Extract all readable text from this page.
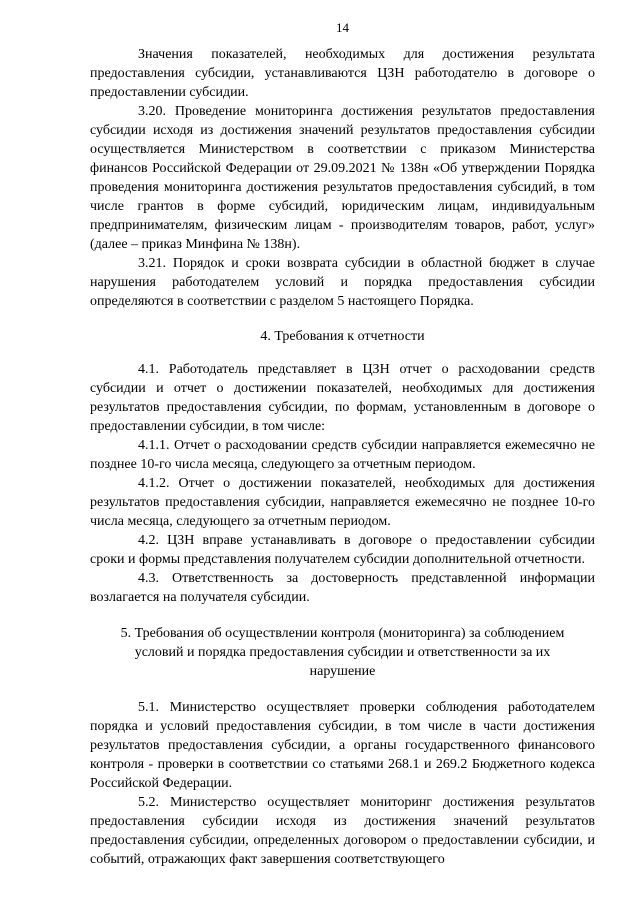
14

Значения показателей, необходимых для достижения результата предоставления субсидии, устанавливаются ЦЗН работодателю в договоре о предоставлении субсидии.

3.20. Проведение мониторинга достижения результатов предоставления субсидии исходя из достижения значений результатов предоставления субсидии осуществляется Министерством в соответствии с приказом Министерства финансов Российской Федерации от 29.09.2021 № 138н «Об утверждении Порядка проведения мониторинга достижения результатов предоставления субсидий, в том числе грантов в форме субсидий, юридическим лицам, индивидуальным предпринимателям, физическим лицам - производителям товаров, работ, услуг» (далее – приказ Минфина № 138н).

3.21. Порядок и сроки возврата субсидии в областной бюджет в случае нарушения работодателем условий и порядка предоставления субсидии определяются в соответствии с разделом 5 настоящего Порядка.

4. Требования к отчетности

4.1. Работодатель представляет в ЦЗН отчет о расходовании средств субсидии и отчет о достижении показателей, необходимых для достижения результатов предоставления субсидии, по формам, установленным в договоре о предоставлении субсидии, в том числе:

4.1.1. Отчет о расходовании средств субсидии направляется ежемесячно не позднее 10-го числа месяца, следующего за отчетным периодом.

4.1.2. Отчет о достижении показателей, необходимых для достижения результатов предоставления субсидии, направляется ежемесячно не позднее 10-го числа месяца, следующего за отчетным периодом.

4.2. ЦЗН вправе устанавливать в договоре о предоставлении субсидии сроки и формы представления получателем субсидии дополнительной отчетности.

4.3. Ответственность за достоверность представленной информации возлагается на получателя субсидии.

5. Требования об осуществлении контроля (мониторинга) за соблюдением
условий и порядка предоставления субсидии и ответственности за их
нарушение

5.1. Министерство осуществляет проверки соблюдения работодателем порядка и условий предоставления субсидии, в том числе в части достижения результатов предоставления субсидии, а органы государственного финансового контроля - проверки в соответствии со статьями 268.1 и 269.2 Бюджетного кодекса Российской Федерации.

5.2. Министерство осуществляет мониторинг достижения результатов предоставления субсидии исходя из достижения значений результатов предоставления субсидии, определенных договором о предоставлении субсидии, и событий, отражающих факт завершения соответствующего
